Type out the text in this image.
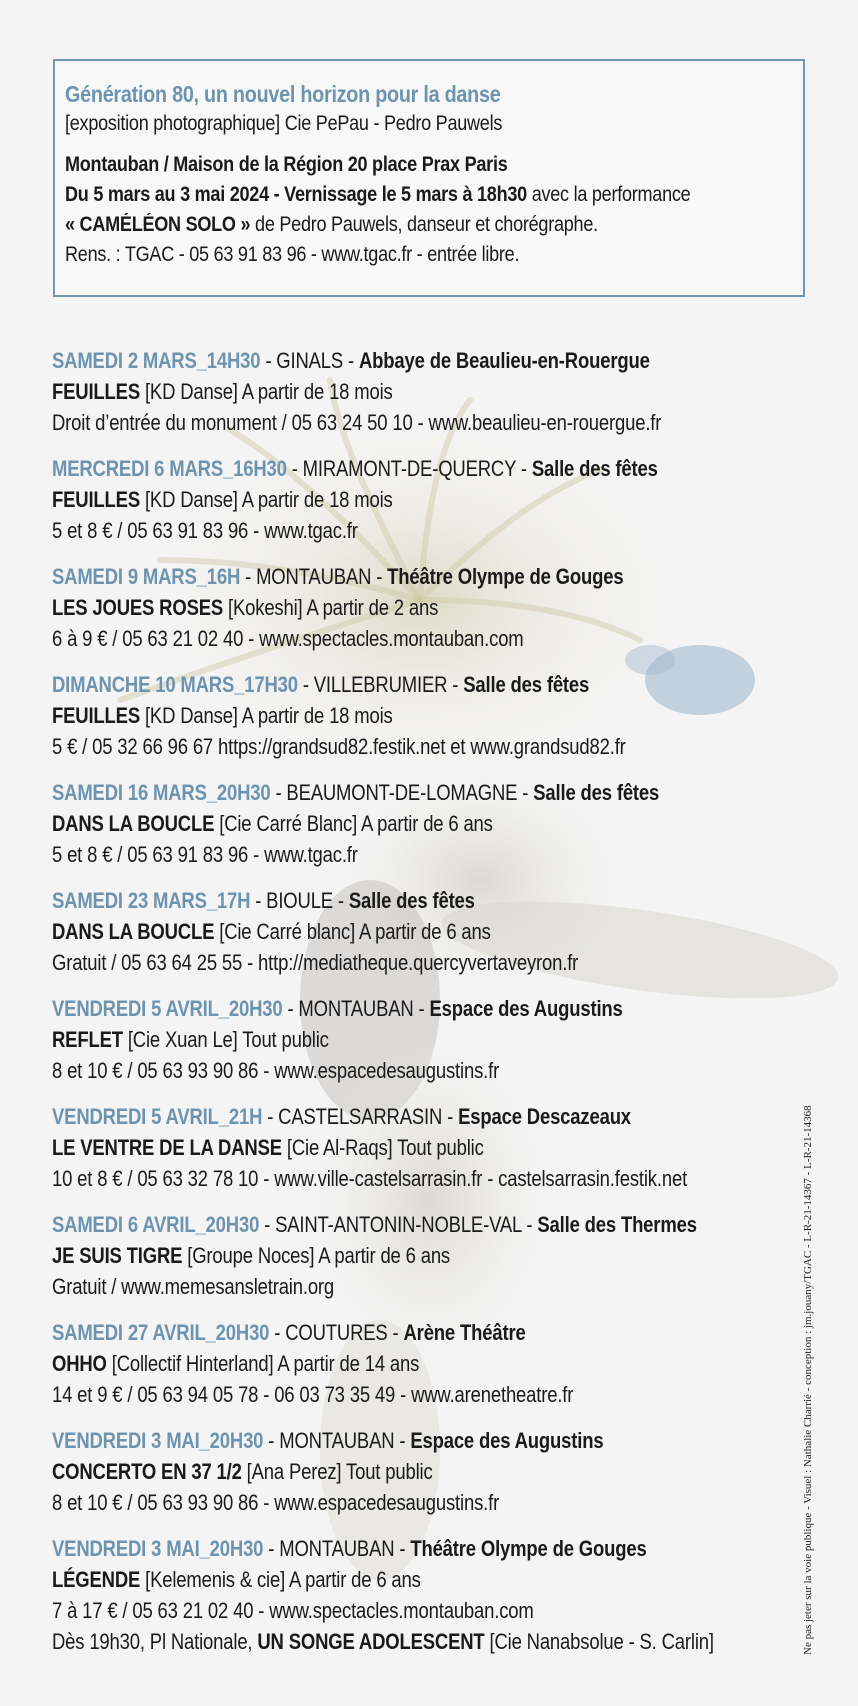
Génération 80, un nouvel horizon pour la danse
[exposition photographique] Cie PePau - Pedro Pauwels
Montauban / Maison de la Région 20 place Prax Paris
Du 5 mars au 3 mai 2024 - Vernissage le 5 mars à 18h30 avec la performance
« CAMÉLÉON SOLO » de Pedro Pauwels, danseur et chorégraphe.
Rens. : TGAC - 05 63 91 83 96 - www.tgac.fr - entrée libre.
SAMEDI 2 MARS_14H30 - GINALS - Abbaye de Beaulieu-en-Rouergue
FEUILLES [KD Danse] A partir de 18 mois
Droit d’entrée du monument / 05 63 24 50 10 - www.beaulieu-en-rouergue.fr
MERCREDI 6 MARS_16H30 - MIRAMONT-DE-QUERCY - Salle des fêtes
FEUILLES [KD Danse] A partir de 18 mois
5 et 8 € / 05 63 91 83 96 - www.tgac.fr
SAMEDI 9 MARS_16H - MONTAUBAN - Théâtre Olympe de Gouges
LES JOUES ROSES [Kokeshi] A partir de 2 ans
6 à 9 € / 05 63 21 02 40 - www.spectacles.montauban.com
DIMANCHE 10 MARS_17H30 - VILLEBRUMIER - Salle des fêtes
FEUILLES [KD Danse] A partir de 18 mois
5 € / 05 32 66 96 67 https://grandsud82.festik.net et www.grandsud82.fr
SAMEDI 16 MARS_20H30 - BEAUMONT-DE-LOMAGNE - Salle des fêtes
DANS LA BOUCLE [Cie Carré Blanc] A partir de 6 ans
5 et 8 € / 05 63 91 83 96 - www.tgac.fr
SAMEDI 23 MARS_17H - BIOULE - Salle des fêtes
DANS LA BOUCLE [Cie Carré blanc] A partir de 6 ans
Gratuit / 05 63 64 25 55 - http://mediatheque.quercyvertaveyron.fr
VENDREDI 5 AVRIL_20H30 - MONTAUBAN - Espace des Augustins
REFLET [Cie Xuan Le] Tout public
8 et 10 € / 05 63 93 90 86 - www.espacedesaugustins.fr
VENDREDI 5 AVRIL_21H - CASTELSARRASIN - Espace Descazeaux
LE VENTRE DE LA DANSE [Cie Al-Raqs] Tout public
10 et 8 € / 05 63 32 78 10 - www.ville-castelsarrasin.fr - castelsarrasin.festik.net
SAMEDI 6 AVRIL_20H30 - SAINT-ANTONIN-NOBLE-VAL - Salle des Thermes
JE SUIS TIGRE [Groupe Noces] A partir de 6 ans
Gratuit / www.memesansletrain.org
SAMEDI 27 AVRIL_20H30 - COUTURES - Arène Théâtre
OHHO [Collectif Hinterland] A partir de 14 ans
14 et 9 € / 05 63 94 05 78 - 06 03 73 35 49 - www.arenetheatre.fr
VENDREDI 3 MAI_20H30 - MONTAUBAN - Espace des Augustins
CONCERTO EN 37 1/2 [Ana Perez] Tout public
8 et 10 € / 05 63 93 90 86 - www.espacedesaugustins.fr
VENDREDI 3 MAI_20H30 - MONTAUBAN - Théâtre Olympe de Gouges
LÉGENDE [Kelemenis & cie] A partir de 6 ans
7 à 17 € / 05 63 21 02 40 - www.spectacles.montauban.com
Dès 19h30, Pl Nationale, UN SONGE ADOLESCENT [Cie Nanabsolue - S. Carlin]	Ne pas jeter sur la voie publique - Visuel : Nathalie Charrié - conception : jm.jouany/TGAC - L-R-21-14367 - L-R-21-14368
